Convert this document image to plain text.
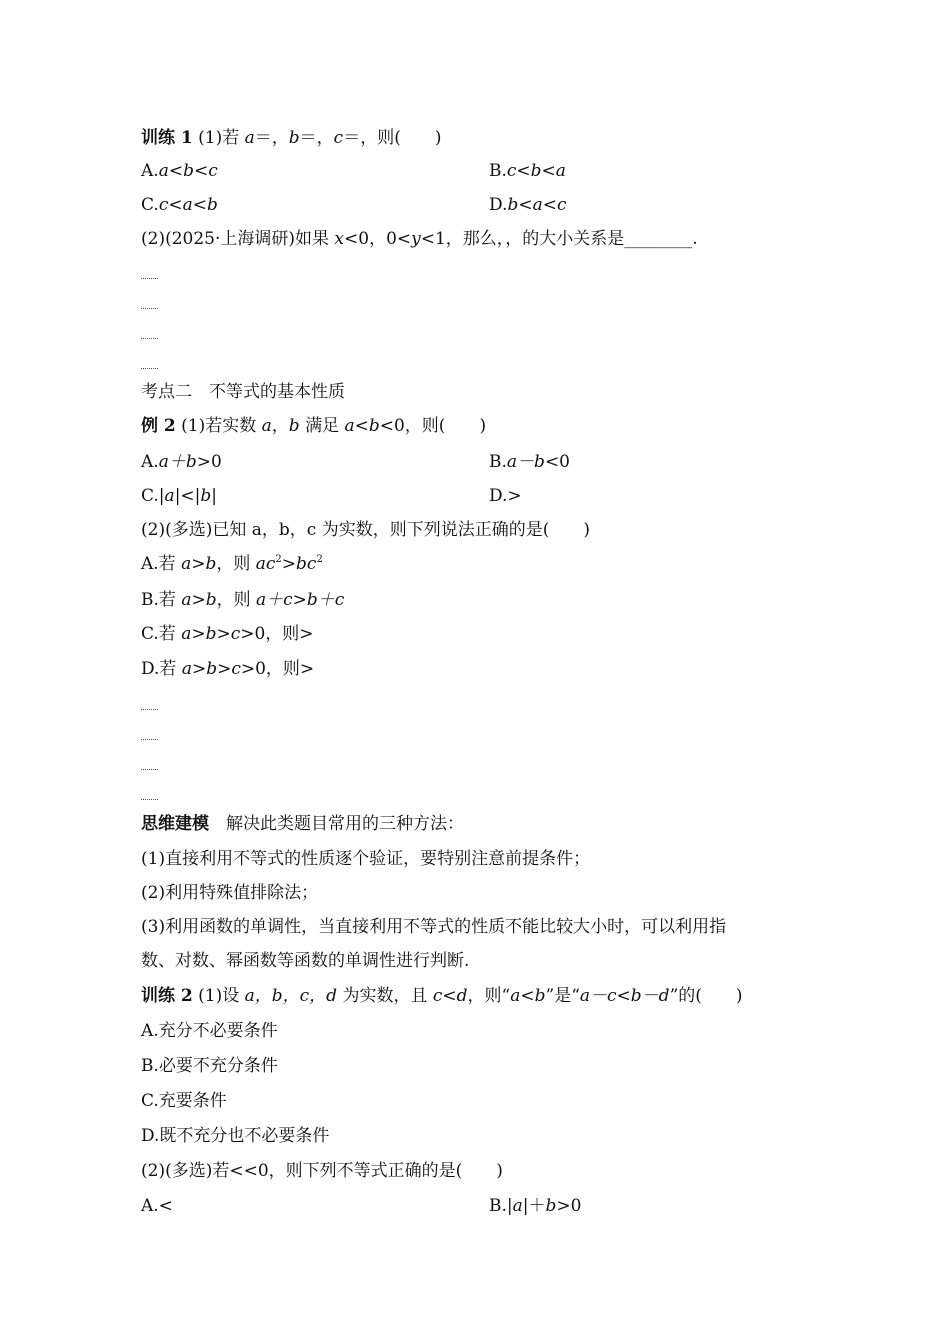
训练 1 (1)若 a＝，b＝，c＝，则(　　)
A.a<b<c	B.c<b<a
C.c<a<b	D.b<a<c
(2)(2025·上海调研)如果 x<0，0<y<1，那么，，的大小关系是________.
考点二　不等式的基本性质
例 2 (1)若实数 a，b 满足 a<b<0，则(　　)
A.a＋b>0	B.a－b<0
C.|a|<|b|	D.>
(2)(多选)已知 a，b，c 为实数，则下列说法正确的是(　　)
A.若 a>b，则 $ac^2>bc^2$
B.若 a>b，则 a＋c>b＋c
C.若 a>b>c>0，则>
D.若 a>b>c>0，则>
思维建模　解决此类题目常用的三种方法：
(1)直接利用不等式的性质逐个验证，要特别注意前提条件；
(2)利用特殊值排除法；
(3)利用函数的单调性，当直接利用不等式的性质不能比较大小时，可以利用指
数、对数、幂函数等函数的单调性进行判断.
训练 2 (1)设 a，b，c，d 为实数，且 c<d，则“a<b”是“a－c<b－d”的(　　)
A.充分不必要条件
B.必要不充分条件
C.充要条件
D.既不充分也不必要条件
(2)(多选)若<<0，则下列不等式正确的是(　　)
A.<	B.|a|＋b>0
